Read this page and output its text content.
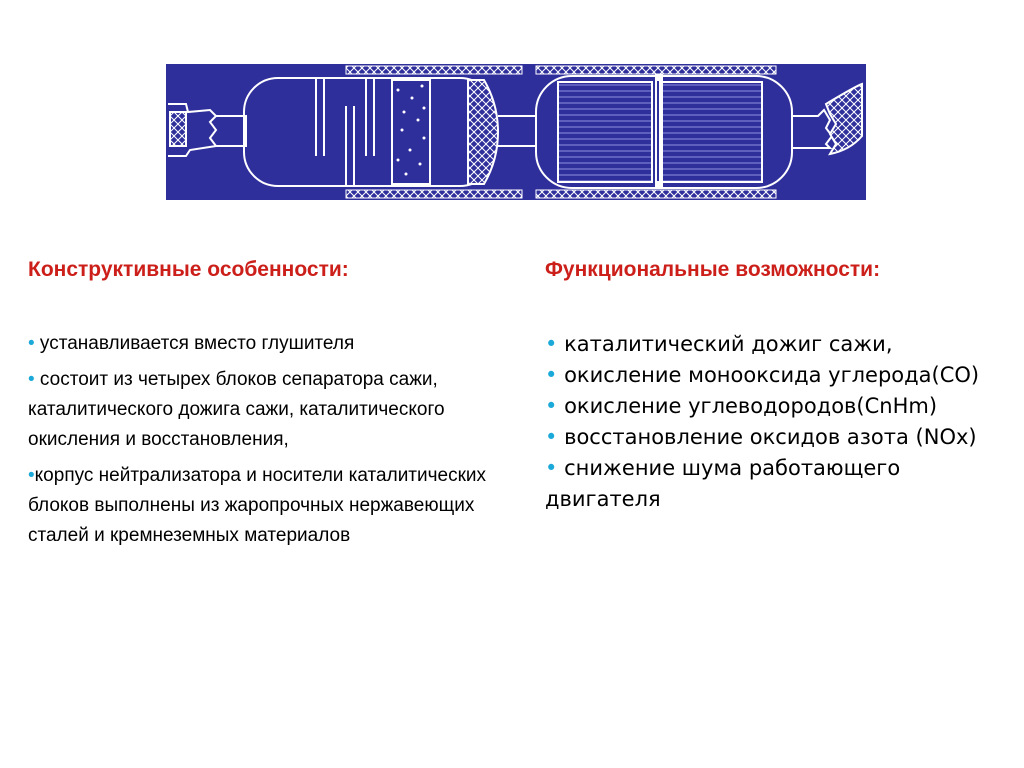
Конструктивные особенности:

• устанавливается вместо глушителя
• состоит из четырех блоков сепаратора сажи, каталитического дожига сажи, каталитического окисления и восстановления,
•корпус нейтрализатора и носители каталитических блоков выполнены из жаропрочных нержавеющих сталей и кремнеземных материалов

Функциональные возможности:

• каталитический дожиг сажи,
• окисление монооксида углерода(CO)
• окисление углеводородов(CnHm)
• восстановление оксидов азота (NOx)
• снижение шума работающего двигателя
